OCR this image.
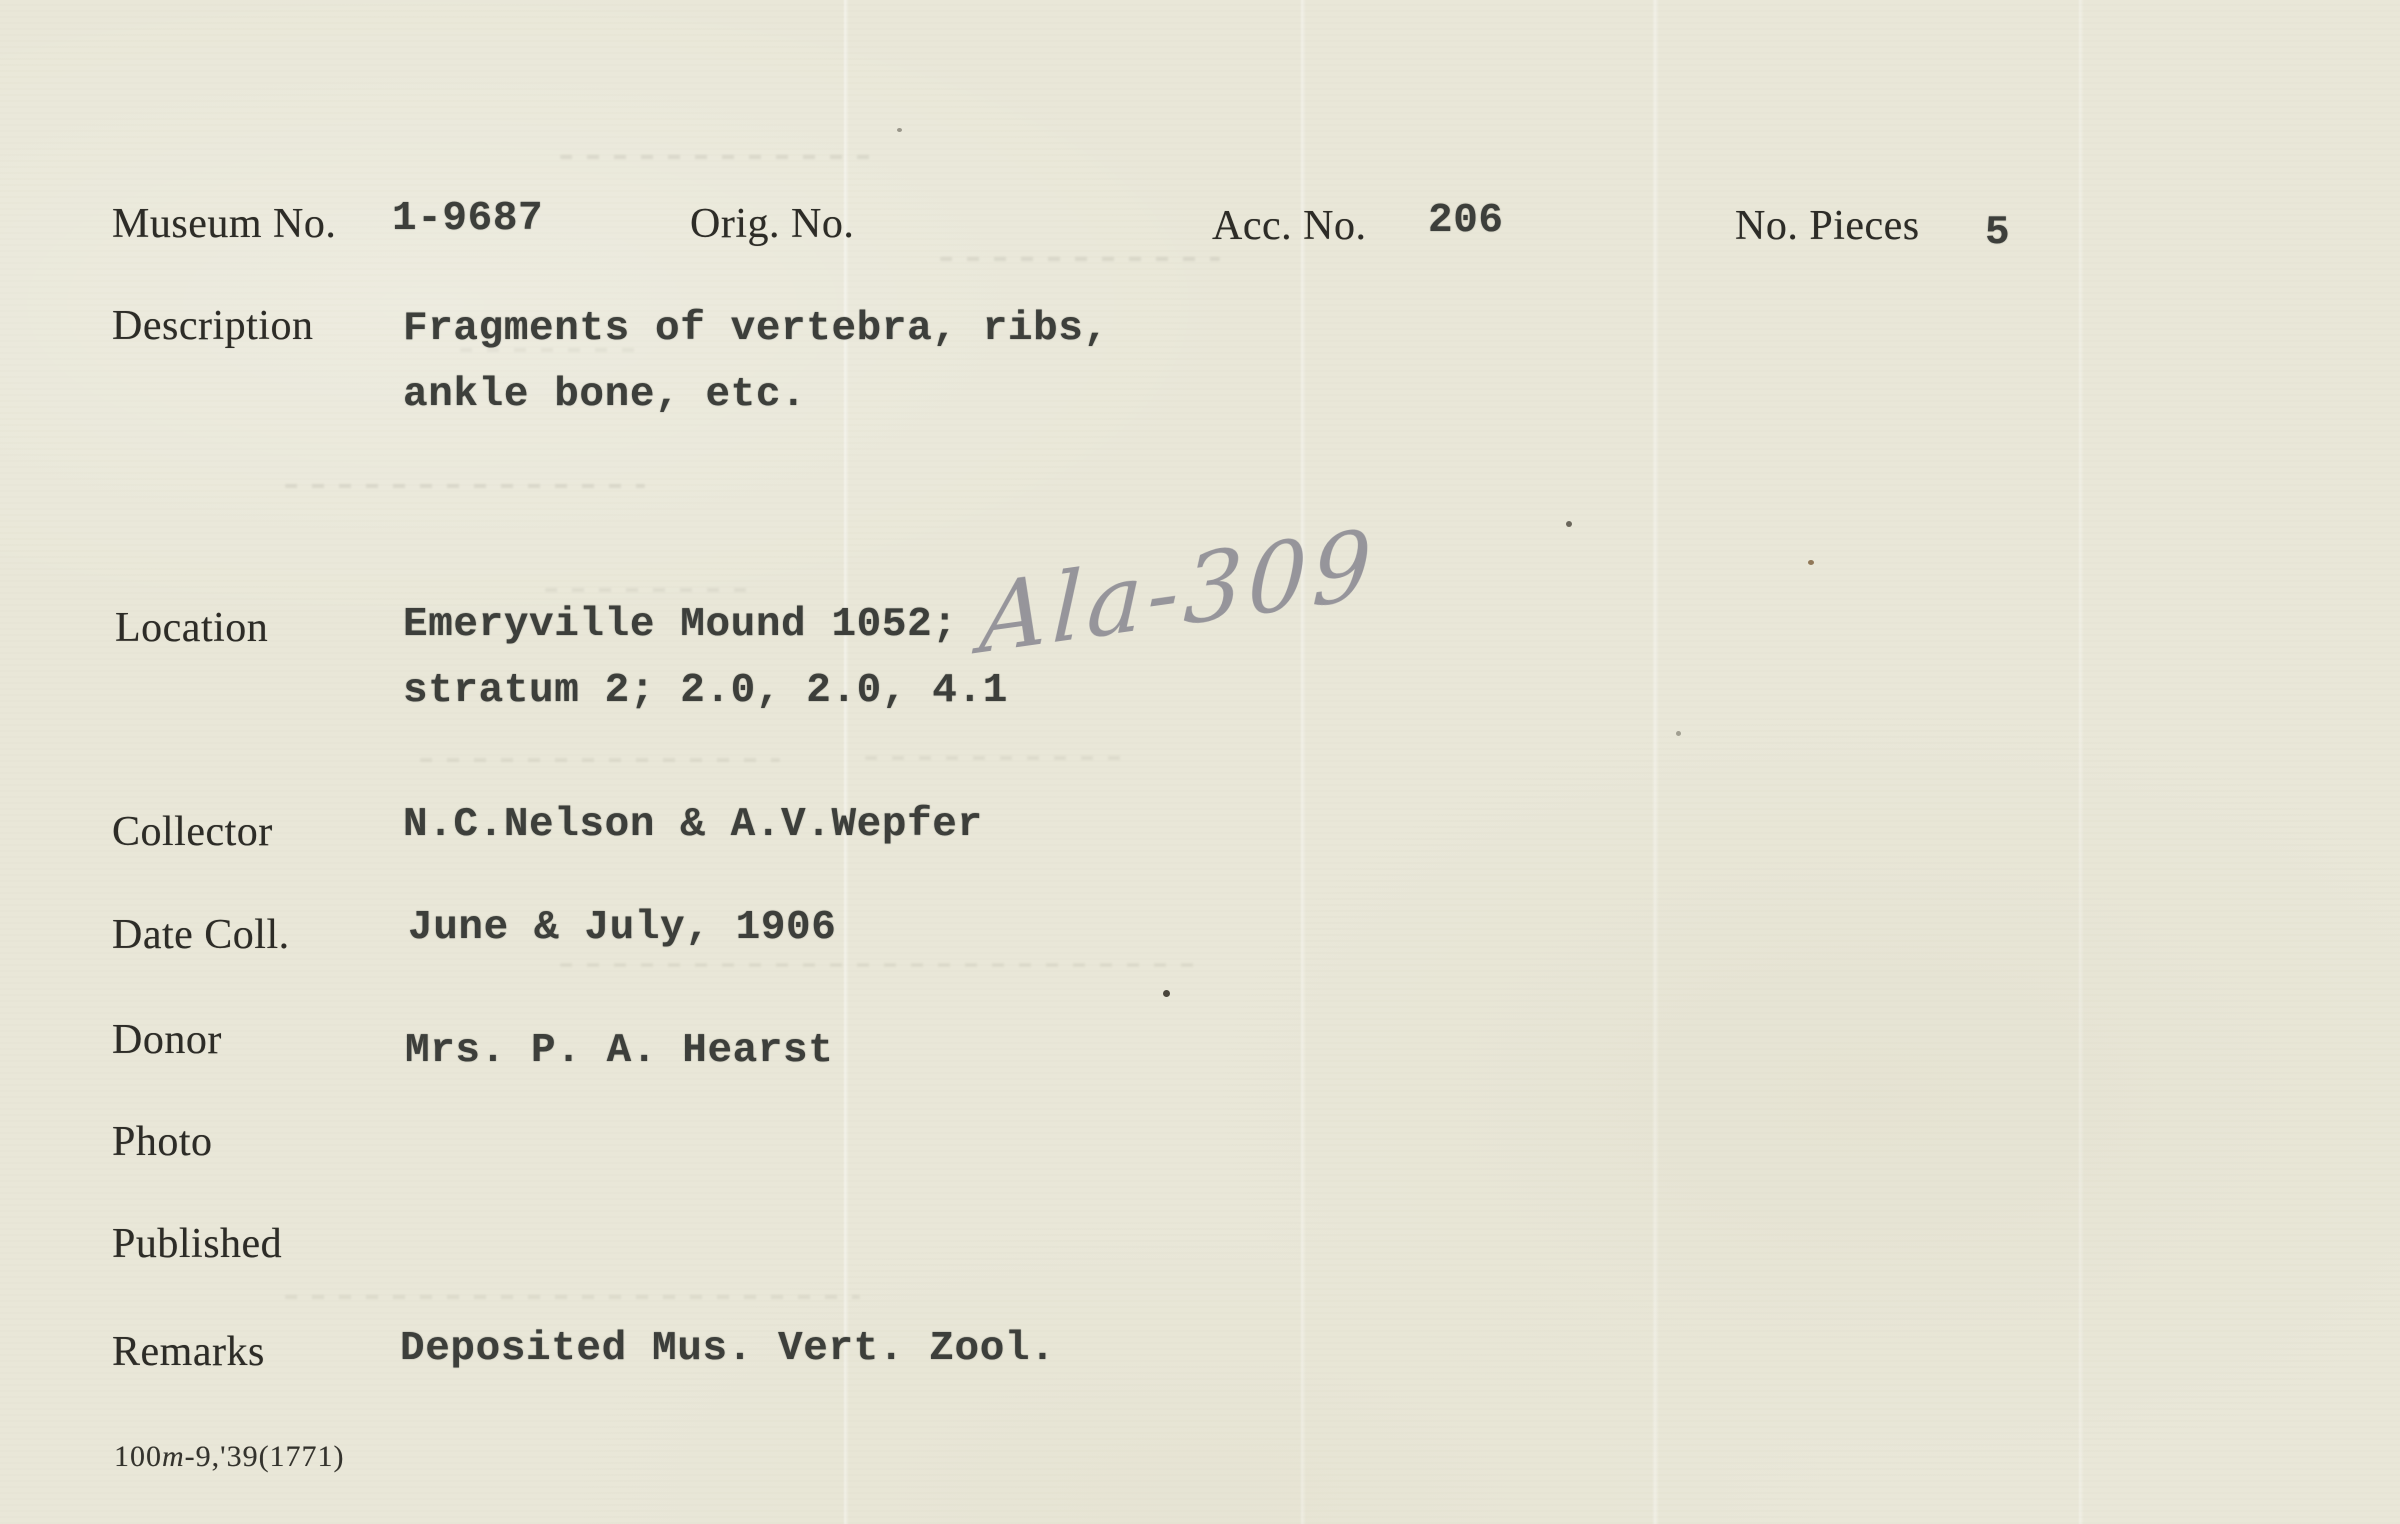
Museum No. 1-9687	Orig. No.	Acc. No. 206	No. Pieces 5
Description Fragments of vertebra, ribs,
ankle bone, etc.
Location	Emeryville Mound 1052;
stratum 2; 2.0, 2.0, 4.1
Ala-309
Collector	N.C.Nelson & A.V.Wepfer
Date Coll.	June & July, 1906
Donor	Mrs. P. A. Hearst
Photo
Published
Remarks	Deposited Mus. Vert. Zool.
100m-9,'39(1771)
